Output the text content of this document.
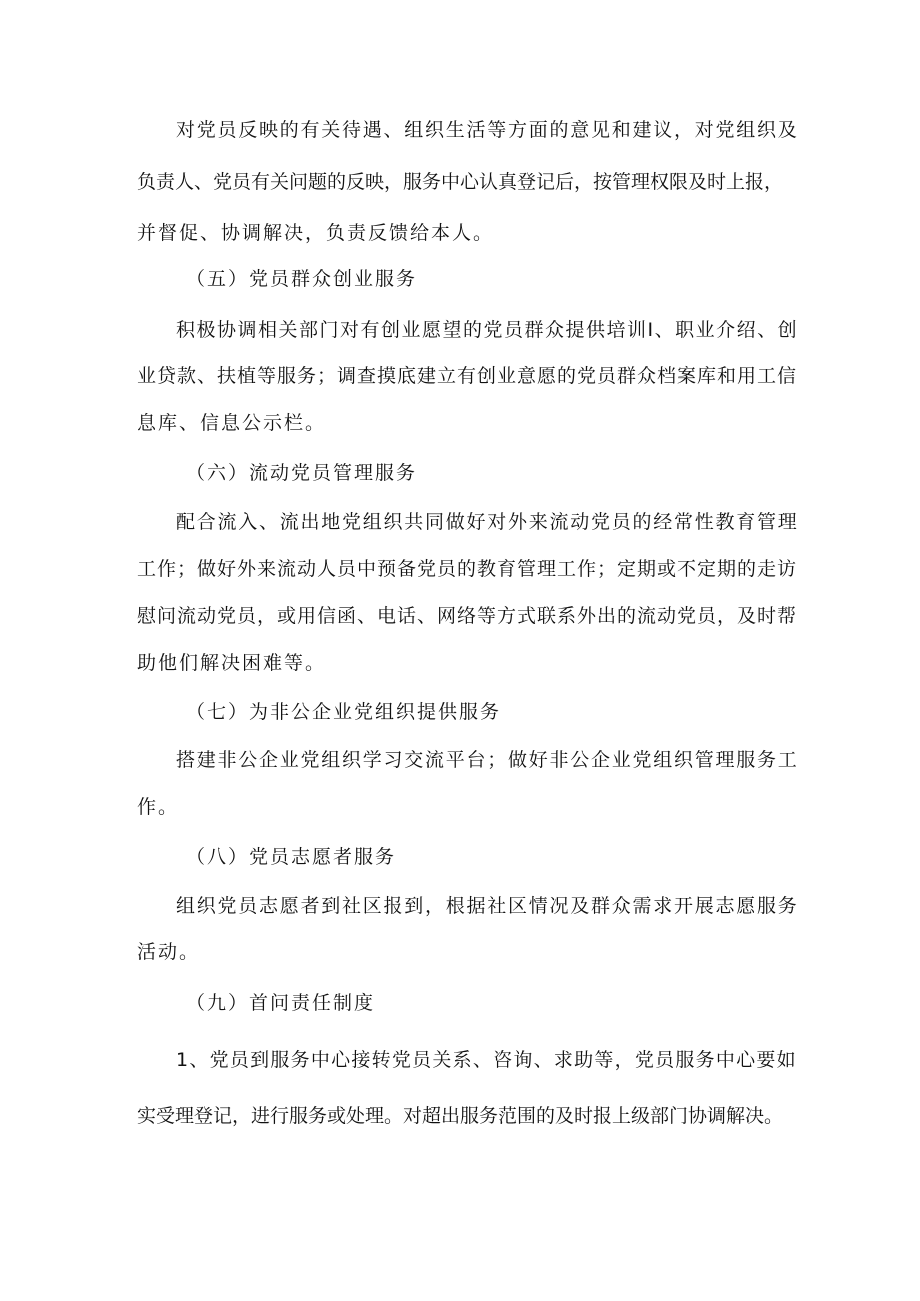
对党员反映的有关待遇、组织生活等方面的意见和建议，对党组织及
负责人、党员有关问题的反映，服务中心认真登记后，按管理权限及时上报，
并督促、协调解决，负责反馈给本人。
（五）党员群众创业服务
积极协调相关部门对有创业愿望的党员群众提供培训Ⅰ、职业介绍、创
业贷款、扶植等服务；调查摸底建立有创业意愿的党员群众档案库和用工信
息库、信息公示栏。
（六）流动党员管理服务
配合流入、流出地党组织共同做好对外来流动党员的经常性教育管理
工作；做好外来流动人员中预备党员的教育管理工作；定期或不定期的走访
慰问流动党员，或用信函、电话、网络等方式联系外出的流动党员，及时帮
助他们解决困难等。
（七）为非公企业党组织提供服务
搭建非公企业党组织学习交流平台；做好非公企业党组织管理服务工
作。
（八）党员志愿者服务
组织党员志愿者到社区报到，根据社区情况及群众需求开展志愿服务
活动。
（九）首问责任制度
1、党员到服务中心接转党员关系、咨询、求助等，党员服务中心要如
实受理登记，进行服务或处理。对超出服务范围的及时报上级部门协调解决。
